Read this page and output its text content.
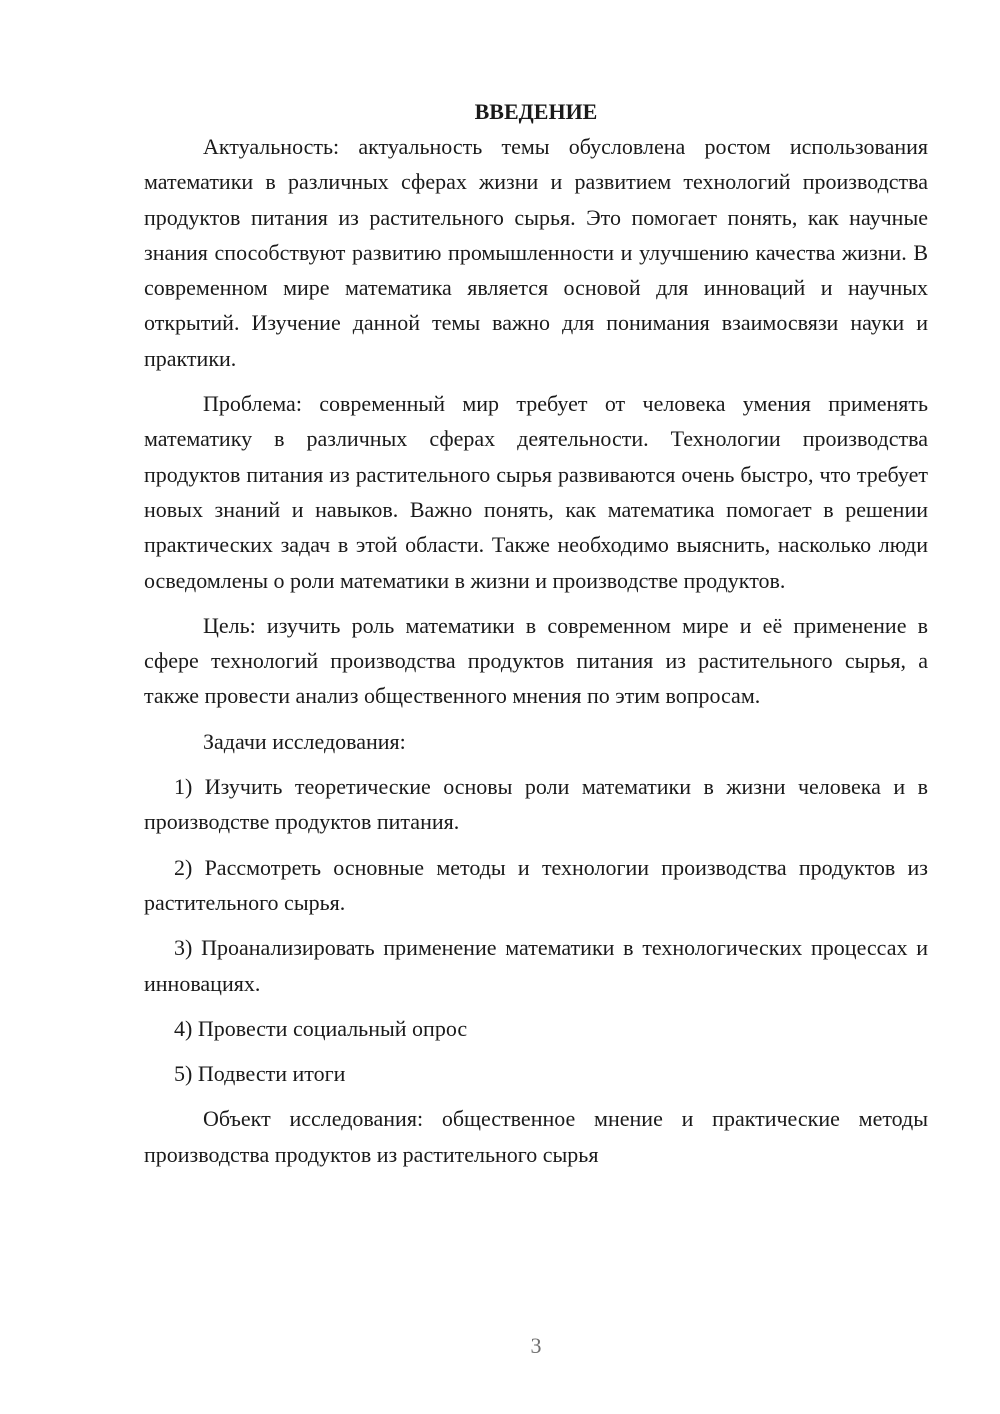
ВВЕДЕНИЕ

Актуальность: актуальность темы обусловлена ростом использования математики в различных сферах жизни и развитием технологий производства продуктов питания из растительного сырья. Это помогает понять, как научные знания способствуют развитию промышленности и улучшению качества жизни. В современном мире математика является основой для инноваций и научных открытий. Изучение данной темы важно для понимания взаимосвязи науки и практики.

Проблема: современный мир требует от человека умения применять математику в различных сферах деятельности. Технологии производства продуктов питания из растительного сырья развиваются очень быстро, что требует новых знаний и навыков. Важно понять, как математика помогает в решении практических задач в этой области. Также необходимо выяснить, насколько люди осведомлены о роли математики в жизни и производстве продуктов.

Цель: изучить роль математики в современном мире и её применение в сфере технологий производства продуктов питания из растительного сырья, а также провести анализ общественного мнения по этим вопросам.

Задачи исследования:

1) Изучить теоретические основы роли математики в жизни человека и в производстве продуктов питания.

2) Рассмотреть основные методы и технологии производства продуктов из растительного сырья.

3) Проанализировать применение математики в технологических процессах и инновациях.

4) Провести социальный опрос

5) Подвести итоги

Объект исследования: общественное мнение и практические методы производства продуктов из растительного сырья

3
